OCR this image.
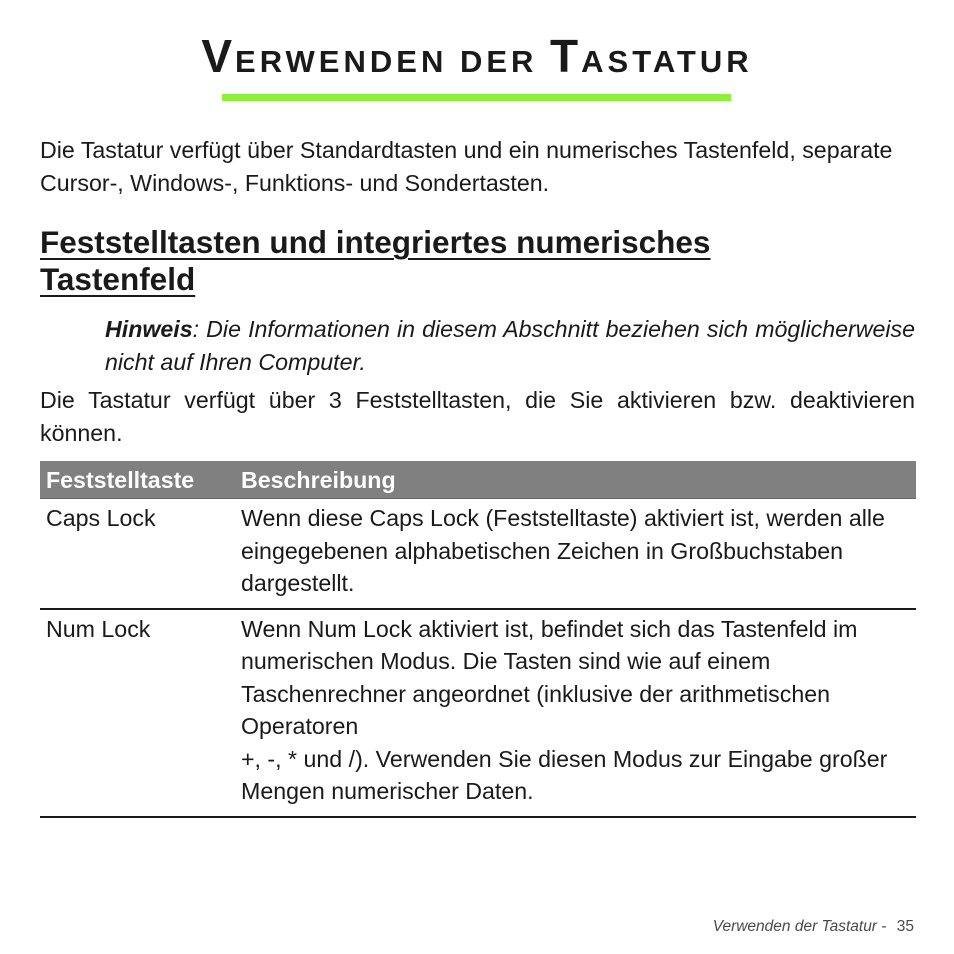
VERWENDEN DER TASTATUR

Die Tastatur verfügt über Standardtasten und ein numerisches Tastenfeld, separate Cursor-, Windows-, Funktions- und Sondertasten.

Feststelltasten und integriertes numerisches Tastenfeld

Hinweis: Die Informationen in diesem Abschnitt beziehen sich möglicherweise nicht auf Ihren Computer.

Die Tastatur verfügt über 3 Feststelltasten, die Sie aktivieren bzw. deaktivieren können.

Feststelltaste	Beschreibung
Caps Lock	Wenn diese Caps Lock (Feststelltaste) aktiviert ist, werden alle eingegebenen alphabetischen Zeichen in Großbuchstaben dargestellt.
Num Lock	Wenn Num Lock aktiviert ist, befindet sich das Tastenfeld im numerischen Modus. Die Tasten sind wie auf einem Taschenrechner angeordnet (inklusive der arithmetischen Operatoren
+, -, * und /). Verwenden Sie diesen Modus zur Eingabe großer Mengen numerischer Daten.

Verwenden der Tastatur - 35
